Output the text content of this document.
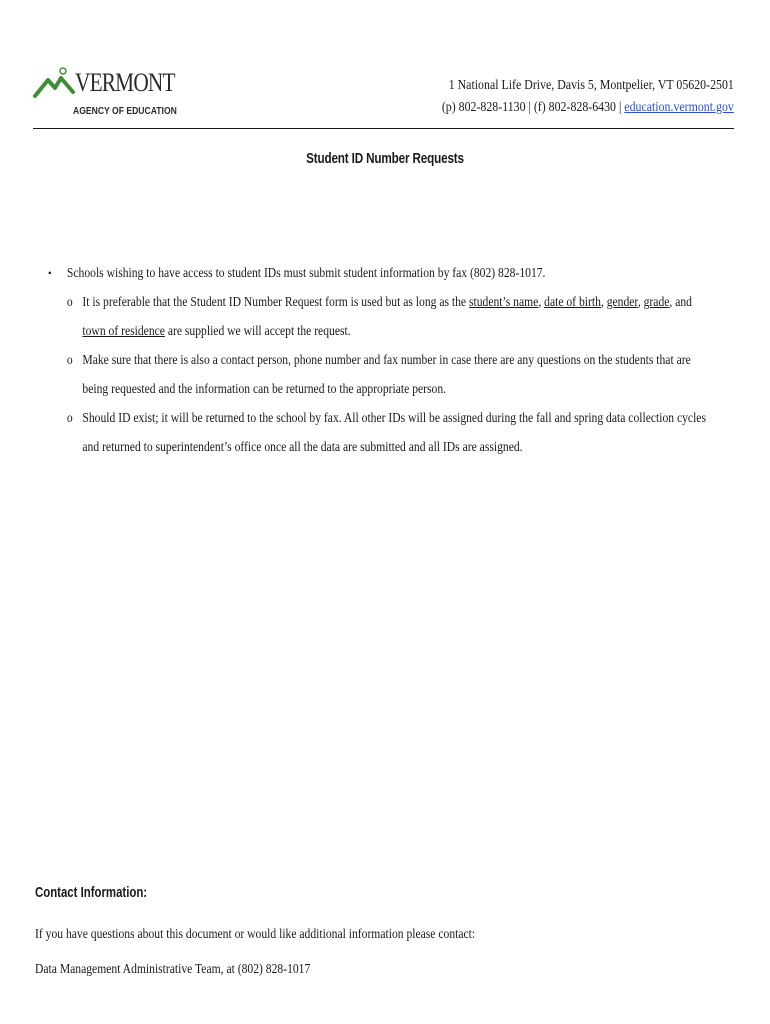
VERMONT
AGENCY OF EDUCATION
1 National Life Drive, Davis 5, Montpelier, VT 05620-2501
(p) 802-828-1130 | (f) 802-828-6430 | education.vermont.gov
Student ID Number Requests
• Schools wishing to have access to student IDs must submit student information by fax (802) 828-1017.
o It is preferable that the Student ID Number Request form is used but as long as the student’s name, date of birth, gender, grade, and
town of residence are supplied we will accept the request.
o Make sure that there is also a contact person, phone number and fax number in case there are any questions on the students that are
being requested and the information can be returned to the appropriate person.
o Should ID exist; it will be returned to the school by fax. All other IDs will be assigned during the fall and spring data collection cycles
and returned to superintendent’s office once all the data are submitted and all IDs are assigned.
Contact Information:
If you have questions about this document or would like additional information please contact:
Data Management Administrative Team, at (802) 828-1017
